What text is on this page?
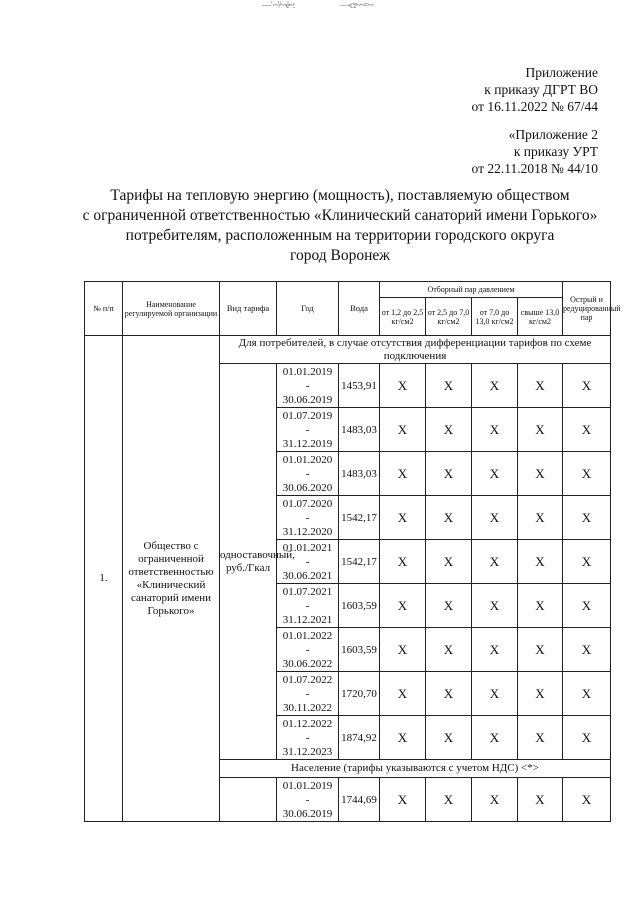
—`·~'/~·ё~:	—·ст~~=~·
Приложение
к приказу ДГРТ ВО
от 16.11.2022 № 67/44
«Приложение 2
к приказу УРТ
от 22.11.2018 № 44/10
Тарифы на тепловую энергию (мощность), поставляемую обществом
с ограниченной ответственностью «Клинический санаторий имени Горького»
потребителям, расположенным на территории городского округа
город Воронеж
№ п/п	Наименование регулируемой организации	Вид тарифа	Год	Вода	Отборный пар давлением				Острый и редуцированный пар
					от 1,2 до 2,5 кг/см2	от 2,5 до 7,0 кг/см2	от 7,0 до 13,0 кг/см2	свыше 13,0 кг/см2	
1.	Общество с ограниченной ответственностью «Клинический санаторий имени Горького»	Для потребителей, в случае отсутствия дифференциации тарифов по схеме подключения							
		одноставочный, руб./Гкал	01.01.2019
-
30.06.2019	1453,91	X	X	X	X	X

			01.07.2019
-
31.12.2019	1483,03	X	X	X	X	X

			01.01.2020
-
30.06.2020	1483,03	X	X	X	X	X

			01.07.2020
-
31.12.2020	1542,17	X	X	X	X	X

			01.01.2021
-
30.06.2021	1542,17	X	X	X	X	X

			01.07.2021
-
31.12.2021	1603,59	X	X	X	X	X

			01.01.2022
-
30.06.2022	1603,59	X	X	X	X	X

			01.07.2022
-
30.11.2022	1720,70	X	X	X	X	X

			01.12.2022
-
31.12.2023	1874,92	X	X	X	X	X
		Население (тарифы указываются с учетом НДС) <*>							

			01.01.2019
-
30.06.2019	1744,69	X	X	X	X	X
